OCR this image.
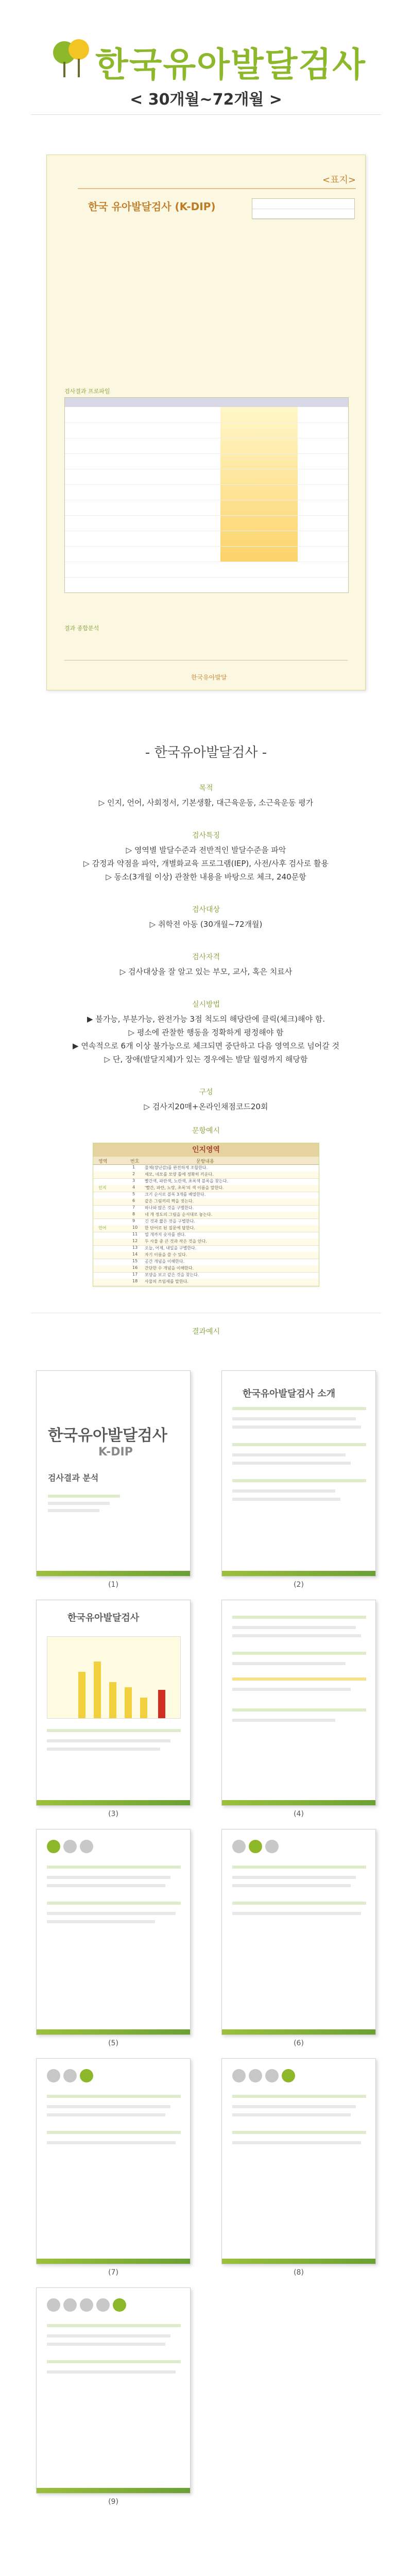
한국유아발달검사
< 30개월~72개월 >
<표지>
한국 유아발달검사 (K-DIP)
검사결과 프로파일
결과 종합분석
한국유아발달
- 한국유아발달검사 -
목적
▷ 인지, 언어, 사회정서, 기본생활, 대근육운동, 소근육운동 평가
검사특징
▷ 영역별 발달수준과 전반적인 발달수준을 파악
▷ 감정과 약점을 파악, 개별화교육 프로그램(IEP), 사전/사후 검사로 활용
▷ 동소(3개월 이상) 관찰한 내용을 바탕으로 체크, 240문항
검사대상
▷ 취학전 아동 (30개월~72개월)
검사자격
▷ 검사대상을 잘 알고 있는 부모, 교사, 혹은 치료사
실시방법
▶ 불가능, 부분가능, 완전가능 3점 척도의 해당란에 클릭(체크)해야 함.
▷ 평소에 관찰한 행동을 정확하게 평정해야 함
▶ 연속적으로 6개 이상 불가능으로 체크되면 중단하고 다음 영역으로 넘어갈 것
▷ 단, 장애(발달지체)가 있는 경우에는 발달 월령까지 해당함
구성
▷ 검사지20매+온라인채점코드20회
문항예시
인지영역
영역	번호	문항내용
1 물체(장난감)를 완전하게 조합한다.
2 세모, 네모를 모양 틀에 정확히 끼운다.
3 빨간색, 파란색, 노란색, 초록색 블록을 찾는다.
인지	4 '빨간, 파란, 노랑, 초록'의 색 이름을 말한다.
5 크기 순서로 블록 3개를 배열한다.
6 같은 그림끼리 짝을 짓는다.
7 하나와 많은 것을 구별한다.
8 네 개 정도의 그림을 순서대로 놓는다.
9 긴 것과 짧은 것을 구별한다.
언어	10 한 단어로 된 질문에 답한다.
11 열 개까지 숫자를 센다.
12 두 사물 중 큰 것과 작은 것을 안다.
13 오늘, 어제, 내일을 구별한다.
14 자기 이름을 쓸 수 있다.
15 공간 개념을 이해한다.
16 간단한 수 개념을 이해한다.
17 모양을 보고 같은 것을 찾는다.
18 사물의 쓰임새를 말한다.
결과예시
한국유아발달검사
K-DIP
검사결과 분석
(1)
한국유아발달검사 소개
(2)
한국유아발달검사
(3)	(4)
(5)	(6)
(7)	(8)
(9)
